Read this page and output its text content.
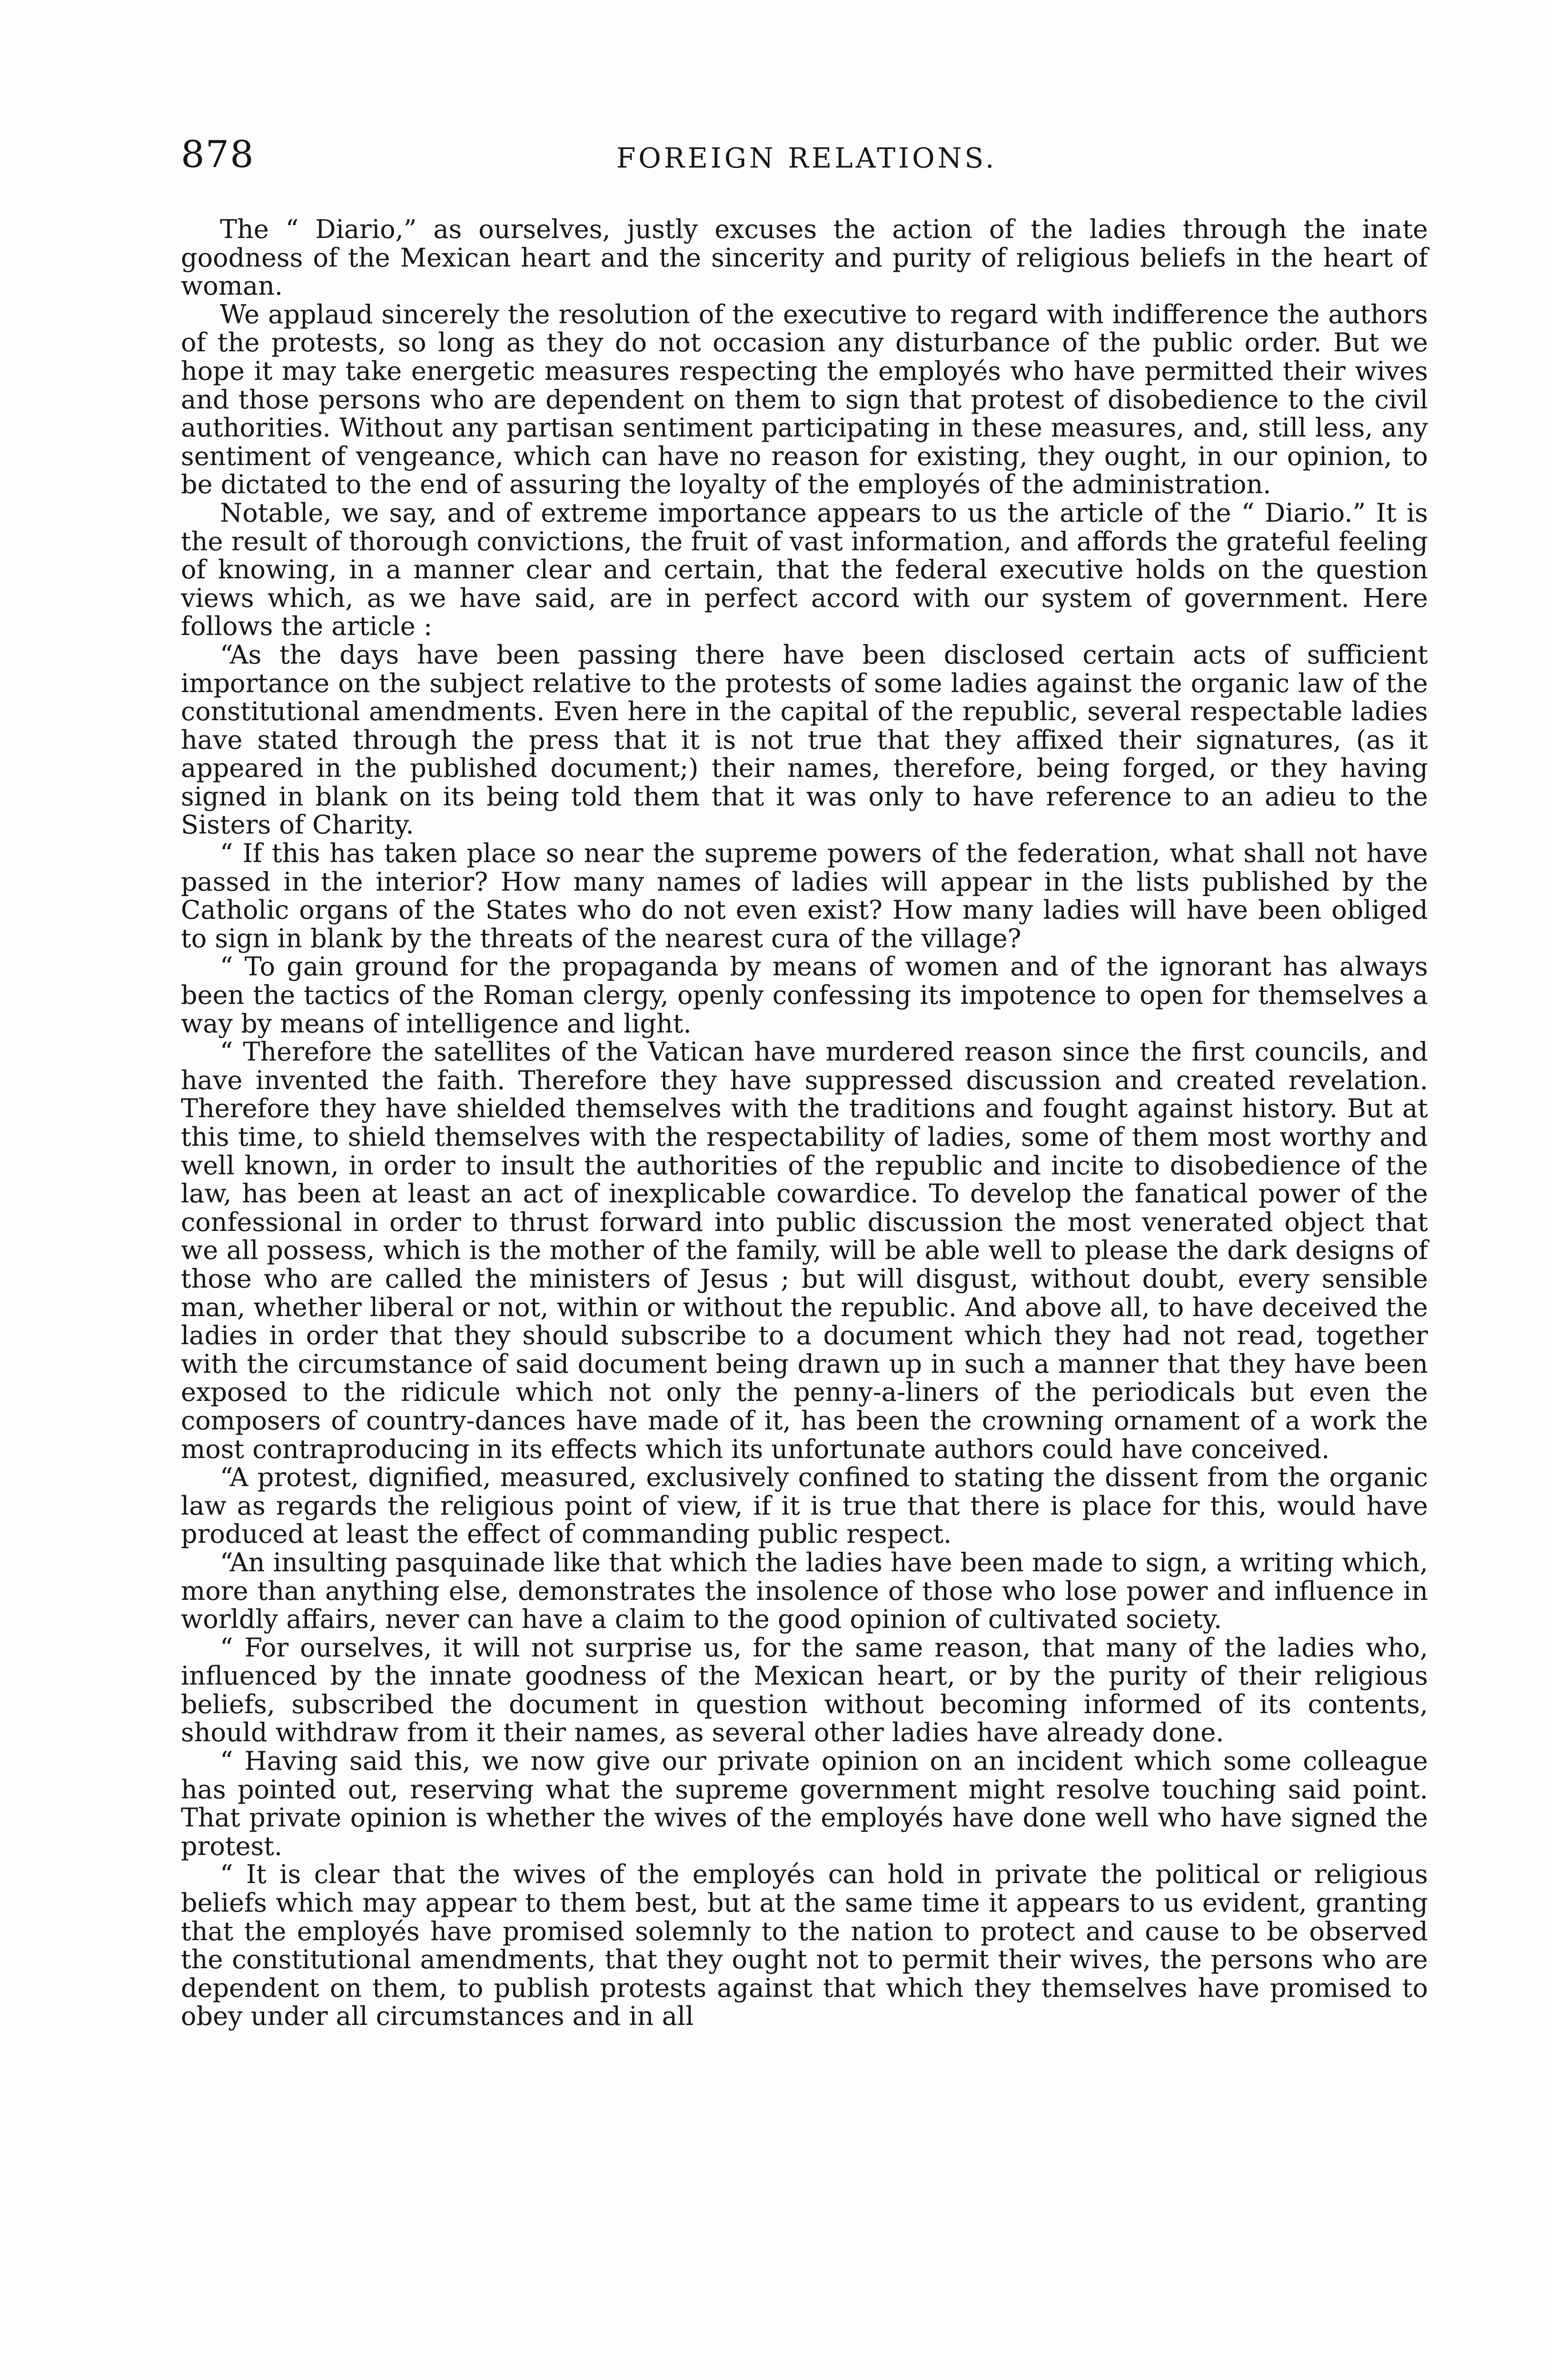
878	FOREIGN RELATIONS.

The “ Diario,” as ourselves, justly excuses the action of the ladies through the inate goodness of the Mexican heart and the sincerity and purity of religious beliefs in the heart of woman.

We applaud sincerely the resolution of the executive to regard with indifference the authors of the protests, so long as they do not occasion any disturbance of the public order. But we hope it may take energetic measures respecting the employés who have permitted their wives and those persons who are dependent on them to sign that protest of disobedience to the civil authorities. Without any partisan sentiment participating in these measures, and, still less, any sentiment of vengeance, which can have no reason for existing, they ought, in our opinion, to be dictated to the end of assuring the loyalty of the employés of the administration.

Notable, we say, and of extreme importance appears to us the article of the “ Diario.” It is the result of thorough convictions, the fruit of vast information, and affords the grateful feeling of knowing, in a manner clear and certain, that the federal executive holds on the question views which, as we have said, are in perfect accord with our system of government. Here follows the article :

“As the days have been passing there have been disclosed certain acts of sufficient importance on the subject relative to the protests of some ladies against the organic law of the constitutional amendments. Even here in the capital of the republic, several respectable ladies have stated through the press that it is not true that they affixed their signatures, (as it appeared in the published document;) their names, therefore, being forged, or they having signed in blank on its being told them that it was only to have reference to an adieu to the Sisters of Charity.

“ If this has taken place so near the supreme powers of the federation, what shall not have passed in the interior? How many names of ladies will appear in the lists published by the Catholic organs of the States who do not even exist? How many ladies will have been obliged to sign in blank by the threats of the nearest cura of the village?

“ To gain ground for the propaganda by means of women and of the ignorant has always been the tactics of the Roman clergy, openly confessing its impotence to open for themselves a way by means of intelligence and light.

“ Therefore the satellites of the Vatican have murdered reason since the first councils, and have invented the faith. Therefore they have suppressed discussion and created revelation. Therefore they have shielded themselves with the traditions and fought against history. But at this time, to shield themselves with the respectability of ladies, some of them most worthy and well known, in order to insult the authorities of the republic and incite to disobedience of the law, has been at least an act of inexplicable cowardice. To develop the fanatical power of the confessional in order to thrust forward into public discussion the most venerated object that we all possess, which is the mother of the family, will be able well to please the dark designs of those who are called the ministers of Jesus ; but will disgust, without doubt, every sensible man, whether liberal or not, within or without the republic. And above all, to have deceived the ladies in order that they should subscribe to a document which they had not read, together with the circumstance of said document being drawn up in such a manner that they have been exposed to the ridicule which not only the penny-a-liners of the periodicals but even the composers of country-dances have made of it, has been the crowning ornament of a work the most contraproducing in its effects which its unfortunate authors could have conceived.

“A protest, dignified, measured, exclusively confined to stating the dissent from the organic law as regards the religious point of view, if it is true that there is place for this, would have produced at least the effect of commanding public respect.

“An insulting pasquinade like that which the ladies have been made to sign, a writing which, more than anything else, demonstrates the insolence of those who lose power and influence in worldly affairs, never can have a claim to the good opinion of cultivated society.

“ For ourselves, it will not surprise us, for the same reason, that many of the ladies who, influenced by the innate goodness of the Mexican heart, or by the purity of their religious beliefs, subscribed the document in question without becoming informed of its contents, should withdraw from it their names, as several other ladies have already done.

“ Having said this, we now give our private opinion on an incident which some colleague has pointed out, reserving what the supreme government might resolve touching said point. That private opinion is whether the wives of the employés have done well who have signed the protest.

“ It is clear that the wives of the employés can hold in private the political or religious beliefs which may appear to them best, but at the same time it appears to us evident, granting that the employés have promised solemnly to the nation to protect and cause to be observed the constitutional amendments, that they ought not to permit their wives, the persons who are dependent on them, to publish protests against that which they themselves have promised to obey under all circumstances and in all
